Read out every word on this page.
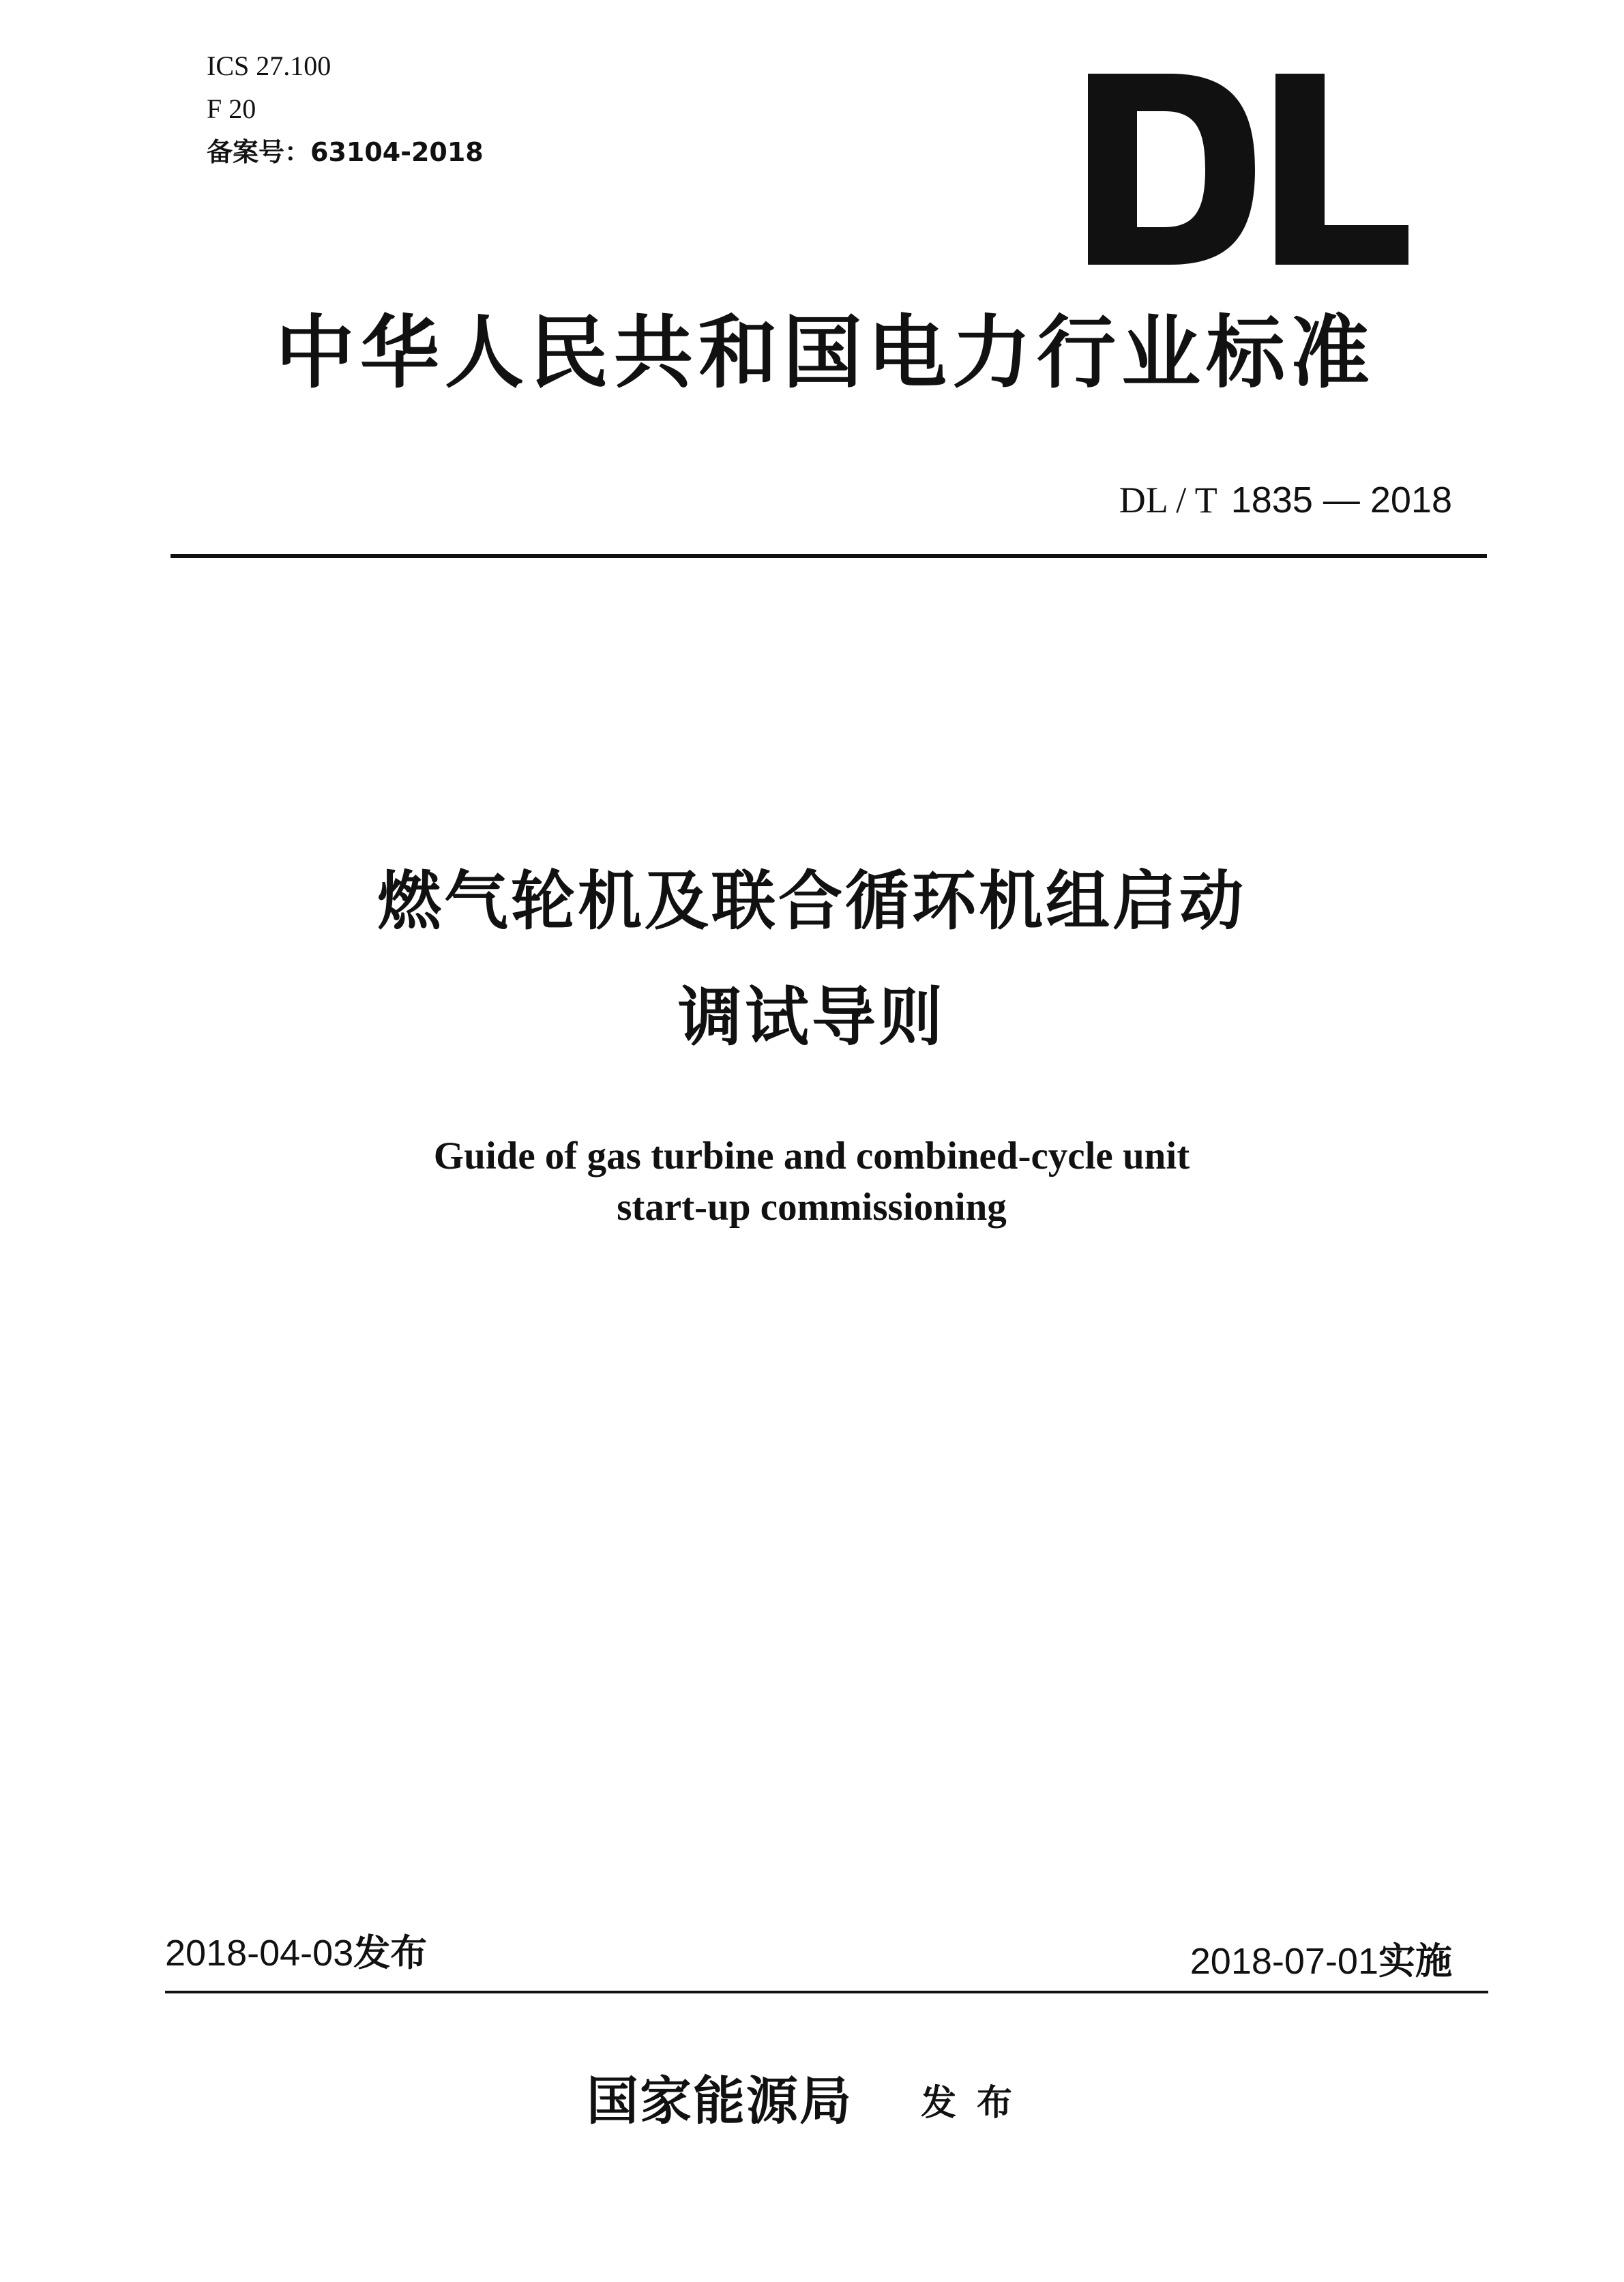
ICS 27.100
F 20
备案号：63104-2018
中华人民共和国电力行业标准
DL / T 1835 — 2018
燃气轮机及联合循环机组启动
调试导则
Guide of gas turbine and combined-cycle unit
start-up commissioning
2018-04-03发布	2018-07-01实施
国家能源局 发布
